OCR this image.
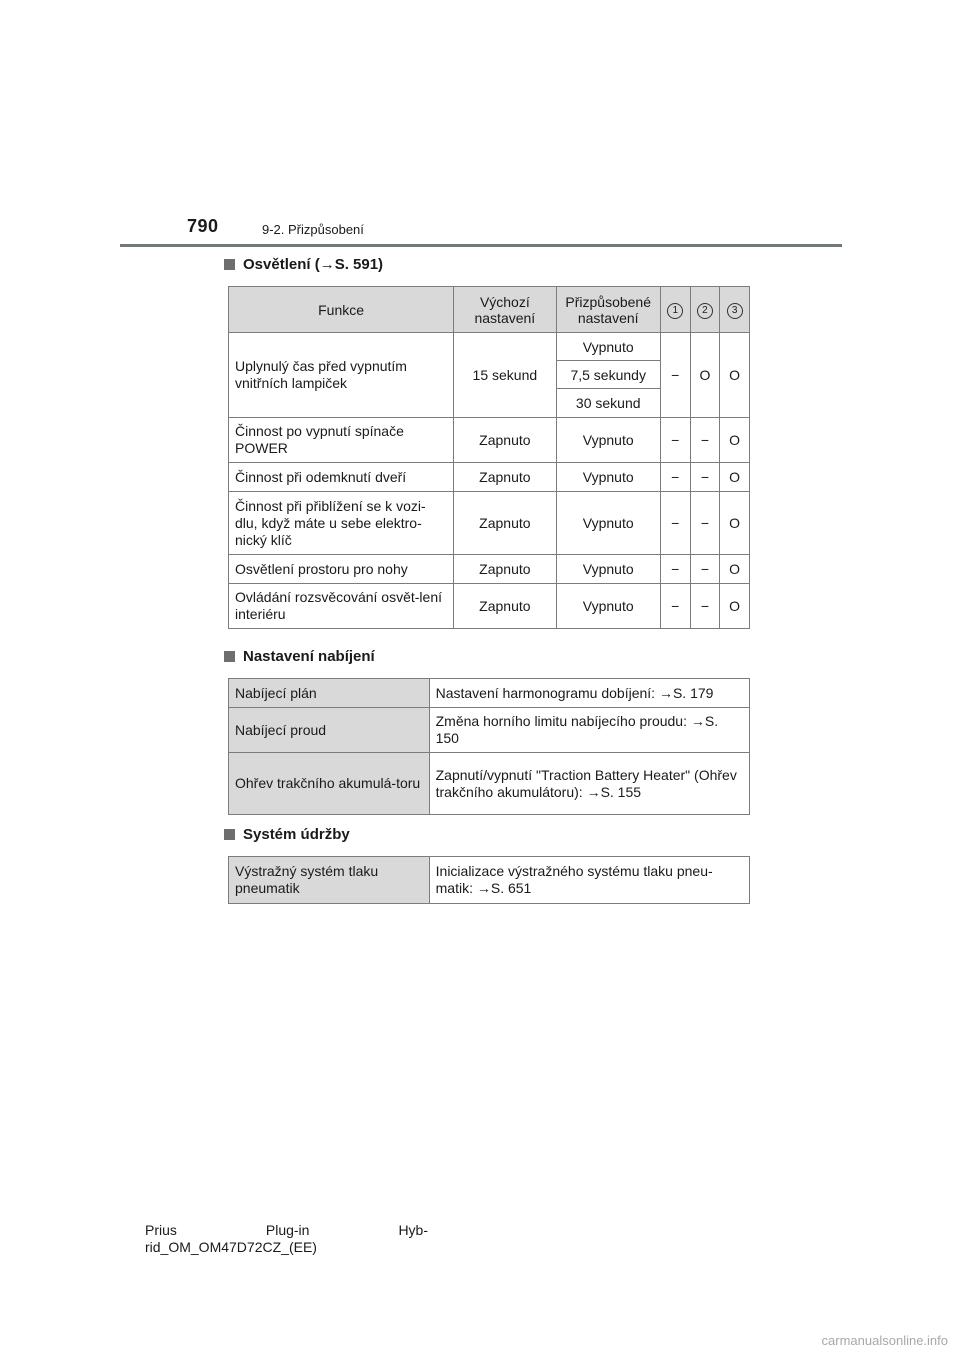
790	9-2. Přizpůsobení
Osvětlení (→S. 591)
Funkce	Výchozí nastavení	Přizpůsobené nastavení	1	2	3
Uplynulý čas před vypnutím vnitřních lampiček	15 sekund	Vypnuto	−	O	O
		7,5 sekundy			
		30 sekund			
Činnost po vypnutí spínače POWER	Zapnuto	Vypnuto	−	−	O
Činnost při odemknutí dveří	Zapnuto	Vypnuto	−	−	O
Činnost při přiblížení se k vozi-dlu, když máte u sebe elektro-nický klíč	Zapnuto	Vypnuto	−	−	O
Osvětlení prostoru pro nohy	Zapnuto	Vypnuto	−	−	O
Ovládání rozsvěcování osvět-lení interiéru	Zapnuto	Vypnuto	−	−	O
Nastavení nabíjení
Nabíjecí plán	Nastavení harmonogramu dobíjení: →S. 179
Nabíjecí proud	Změna horního limitu nabíjecího proudu: →S. 150
Ohřev trakčního akumulá-toru	Zapnutí/vypnutí "Traction Battery Heater" (Ohřev trakčního akumulátoru): →S. 155
Systém údržby
Výstražný systém tlaku pneumatik	Inicializace výstražného systému tlaku pneu-matik: →S. 651
Prius	Plug-in	Hyb-
rid_OM_OM47D72CZ_(EE)
carmanualsonline.info
